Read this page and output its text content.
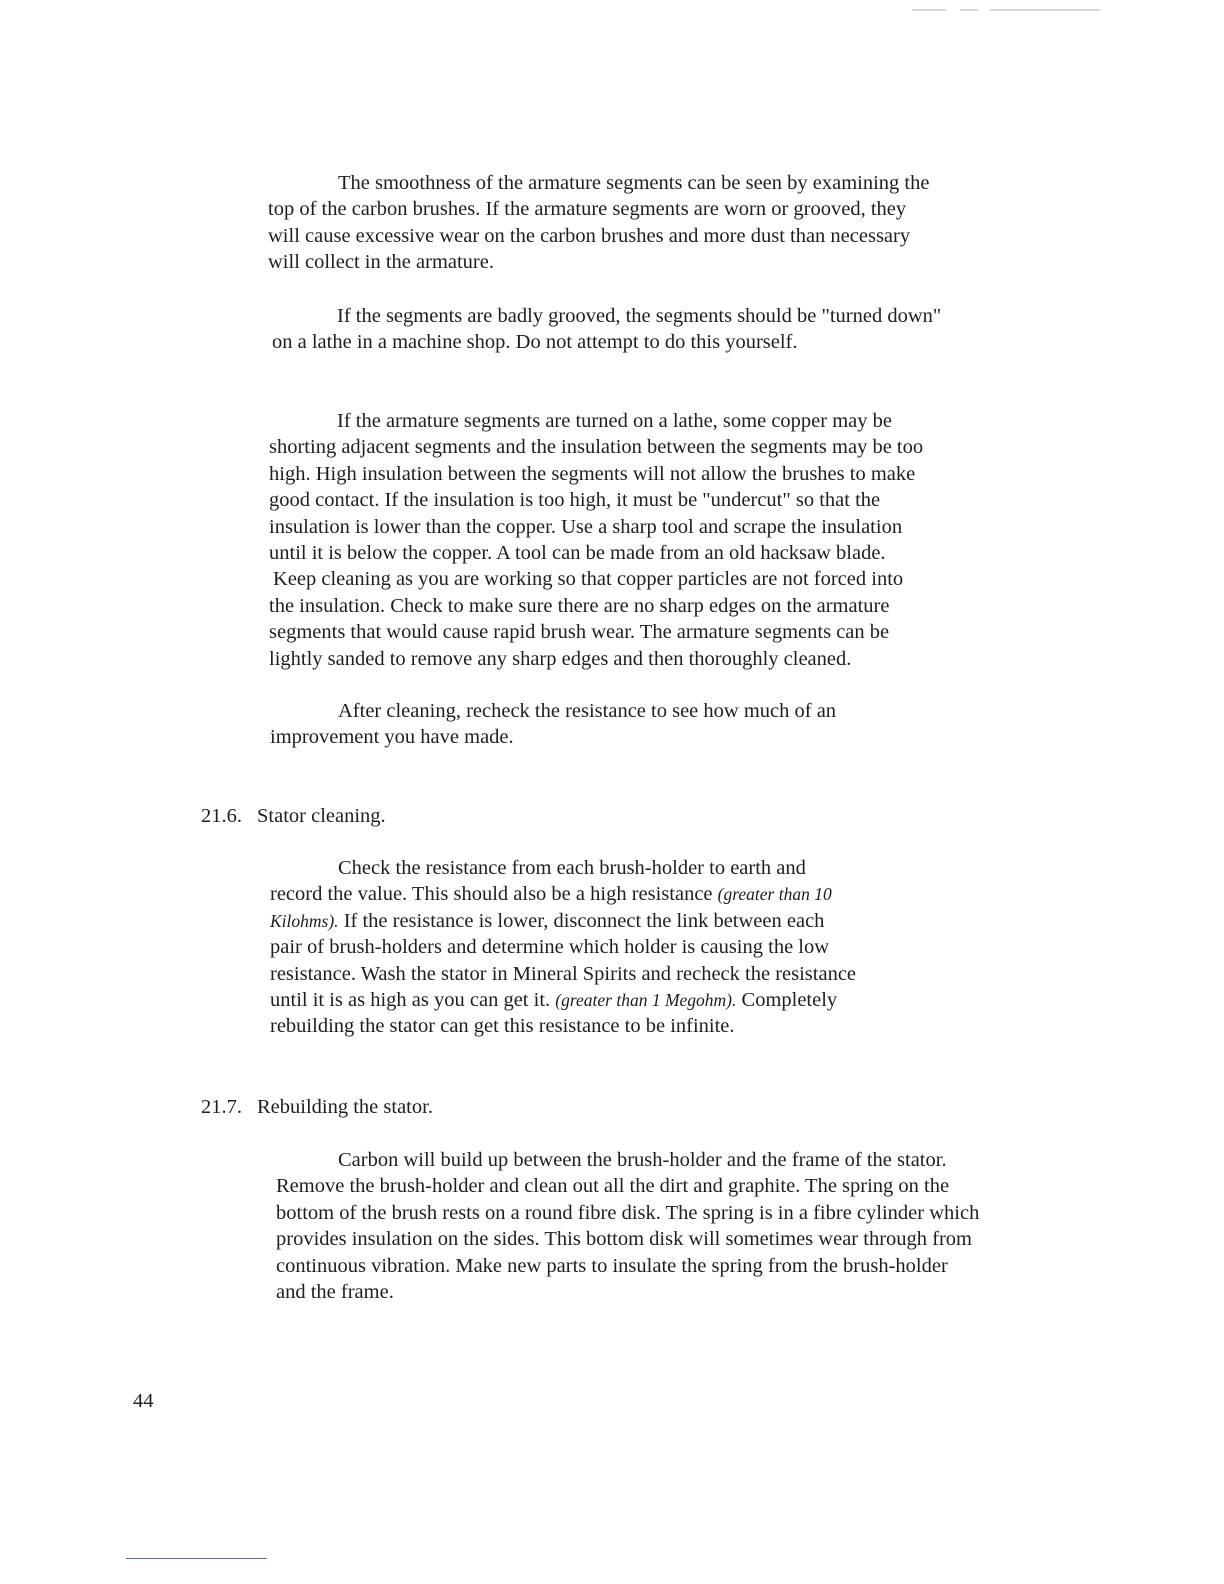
The smoothness of the armature segments can be seen by examining the
top of the carbon brushes. If the armature segments are worn or grooved, they
will cause excessive wear on the carbon brushes and more dust than necessary
will collect in the armature.
If the segments are badly grooved, the segments should be "turned down"
on a lathe in a machine shop. Do not attempt to do this yourself.
If the armature segments are turned on a lathe, some copper may be
shorting adjacent segments and the insulation between the segments may be too
high. High insulation between the segments will not allow the brushes to make
good contact. If the insulation is too high, it must be "undercut" so that the
insulation is lower than the copper. Use a sharp tool and scrape the insulation
until it is below the copper. A tool can be made from an old hacksaw blade.
Keep cleaning as you are working so that copper particles are not forced into
the insulation. Check to make sure there are no sharp edges on the armature
segments that would cause rapid brush wear. The armature segments can be
lightly sanded to remove any sharp edges and then thoroughly cleaned.
After cleaning, recheck the resistance to see how much of an
improvement you have made.
21.6. Stator cleaning.
Check the resistance from each brush-holder to earth and
record the value. This should also be a high resistance (greater than 10
Kilohms). If the resistance is lower, disconnect the link between each
pair of brush-holders and determine which holder is causing the low
resistance. Wash the stator in Mineral Spirits and recheck the resistance
until it is as high as you can get it. (greater than 1 Megohm). Completely
rebuilding the stator can get this resistance to be infinite.
21.7. Rebuilding the stator.
Carbon will build up between the brush-holder and the frame of the stator.
Remove the brush-holder and clean out all the dirt and graphite. The spring on the
bottom of the brush rests on a round fibre disk. The spring is in a fibre cylinder which
provides insulation on the sides. This bottom disk will sometimes wear through from
continuous vibration. Make new parts to insulate the spring from the brush-holder
and the frame.
44
